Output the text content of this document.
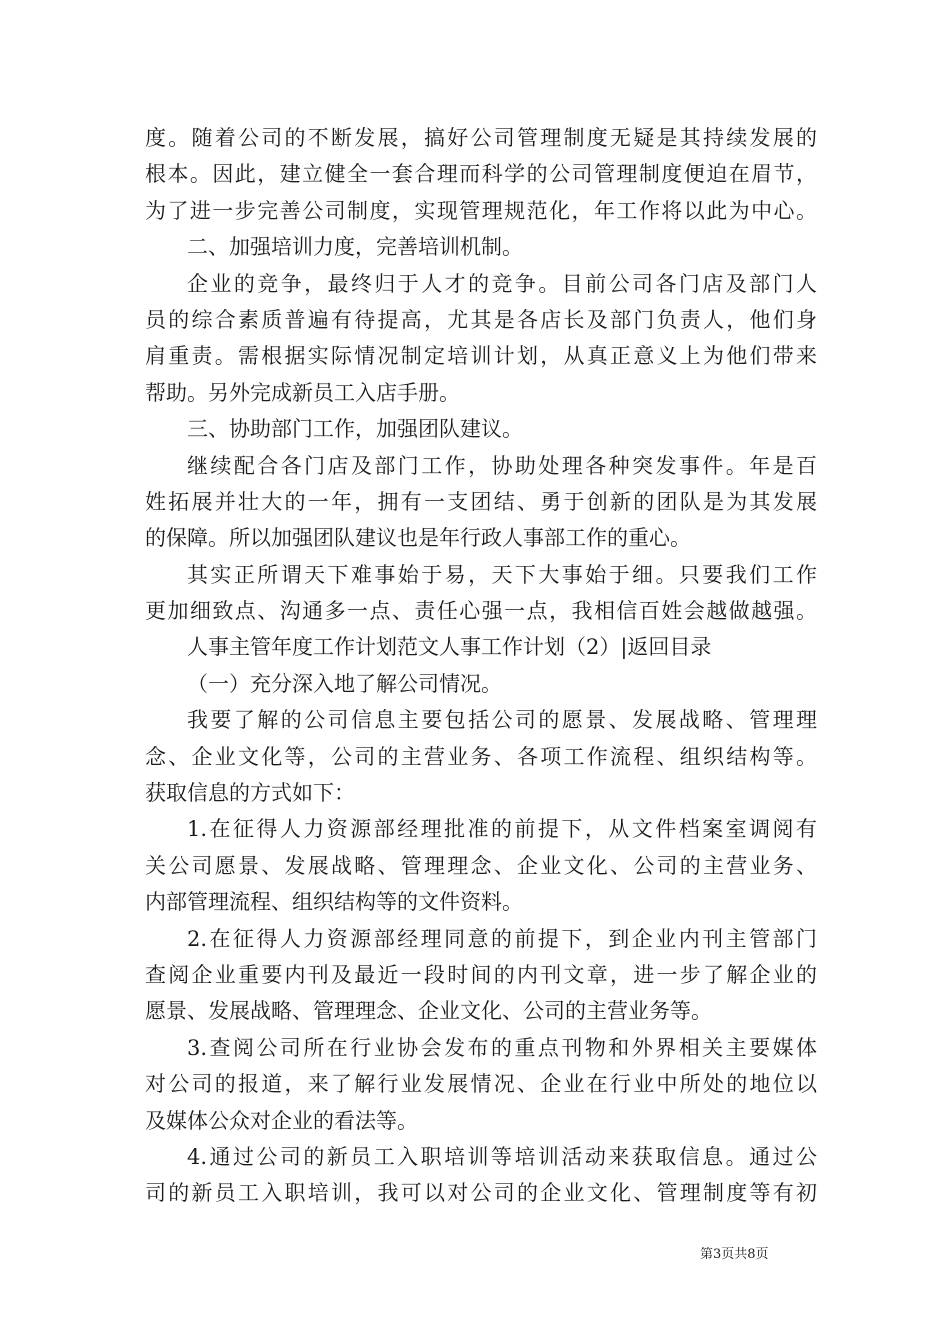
度。随着公司的不断发展，搞好公司管理制度无疑是其持续发展的
根本。因此，建立健全一套合理而科学的公司管理制度便迫在眉节，
为了进一步完善公司制度，实现管理规范化，年工作将以此为中心。
二、加强培训力度，完善培训机制。
企业的竞争，最终归于人才的竞争。目前公司各门店及部门人
员的综合素质普遍有待提高，尤其是各店长及部门负责人，他们身
肩重责。需根据实际情况制定培训计划，从真正意义上为他们带来
帮助。另外完成新员工入店手册。
三、协助部门工作，加强团队建议。
继续配合各门店及部门工作，协助处理各种突发事件。年是百
姓拓展并壮大的一年，拥有一支团结、勇于创新的团队是为其发展
的保障。所以加强团队建议也是年行政人事部工作的重心。
其实正所谓天下难事始于易，天下大事始于细。只要我们工作
更加细致点、沟通多一点、责任心强一点，我相信百姓会越做越强。
人事主管年度工作计划范文人事工作计划（2）|返回目录
（一）充分深入地了解公司情况。
我要了解的公司信息主要包括公司的愿景、发展战略、管理理
念、企业文化等，公司的主营业务、各项工作流程、组织结构等。
获取信息的方式如下：
1.在征得人力资源部经理批准的前提下，从文件档案室调阅有
关公司愿景、发展战略、管理理念、企业文化、公司的主营业务、
内部管理流程、组织结构等的文件资料。
2.在征得人力资源部经理同意的前提下，到企业内刊主管部门
查阅企业重要内刊及最近一段时间的内刊文章，进一步了解企业的
愿景、发展战略、管理理念、企业文化、公司的主营业务等。
3.查阅公司所在行业协会发布的重点刊物和外界相关主要媒体
对公司的报道，来了解行业发展情况、企业在行业中所处的地位以
及媒体公众对企业的看法等。
4.通过公司的新员工入职培训等培训活动来获取信息。通过公
司的新员工入职培训，我可以对公司的企业文化、管理制度等有初
第3页共8页
